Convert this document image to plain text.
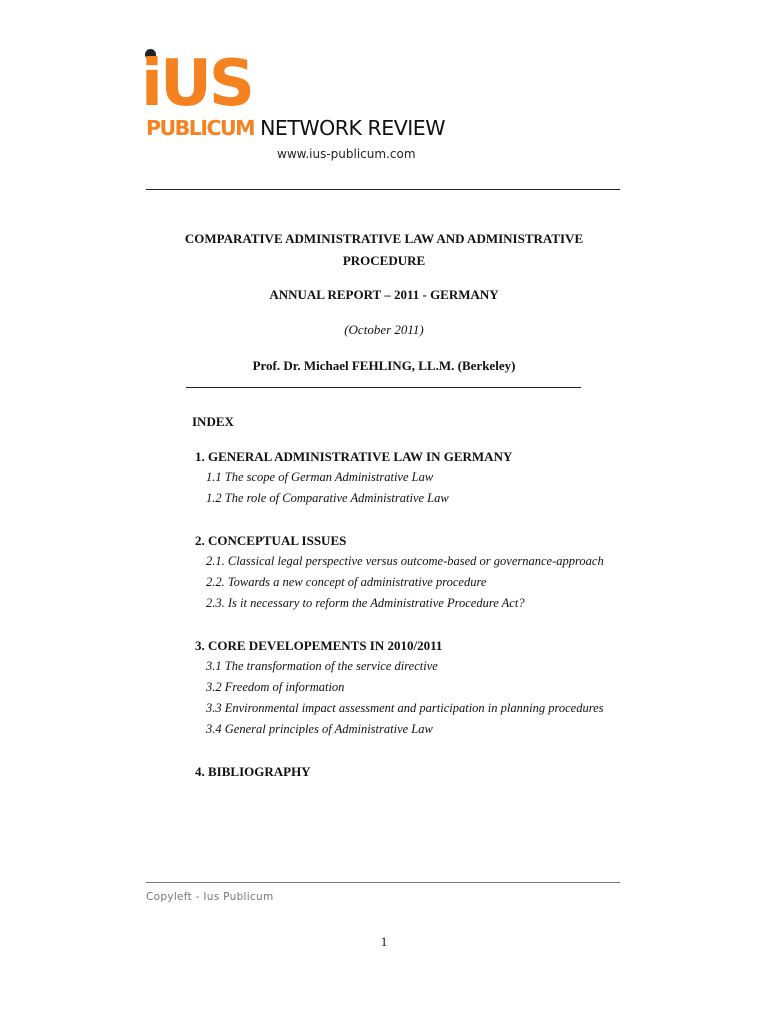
iUS
PUBLICUM NETWORK REVIEW
www.ius-publicum.com
COMPARATIVE ADMINISTRATIVE LAW AND ADMINISTRATIVE
PROCEDURE
ANNUAL REPORT – 2011 - GERMANY
(October 2011)
Prof. Dr. Michael FEHLING, LL.M. (Berkeley)
INDEX
1. GENERAL ADMINISTRATIVE LAW IN GERMANY
1.1 The scope of German Administrative Law
1.2 The role of Comparative Administrative Law
2. CONCEPTUAL ISSUES
2.1. Classical legal perspective versus outcome-based or governance-approach
2.2. Towards a new concept of administrative procedure
2.3. Is it necessary to reform the Administrative Procedure Act?
3. CORE DEVELOPEMENTS IN 2010/2011
3.1 The transformation of the service directive
3.2 Freedom of information
3.3 Environmental impact assessment and participation in planning procedures
3.4 General principles of Administrative Law
4. BIBLIOGRAPHY
Copyleft - Ius Publicum
1
